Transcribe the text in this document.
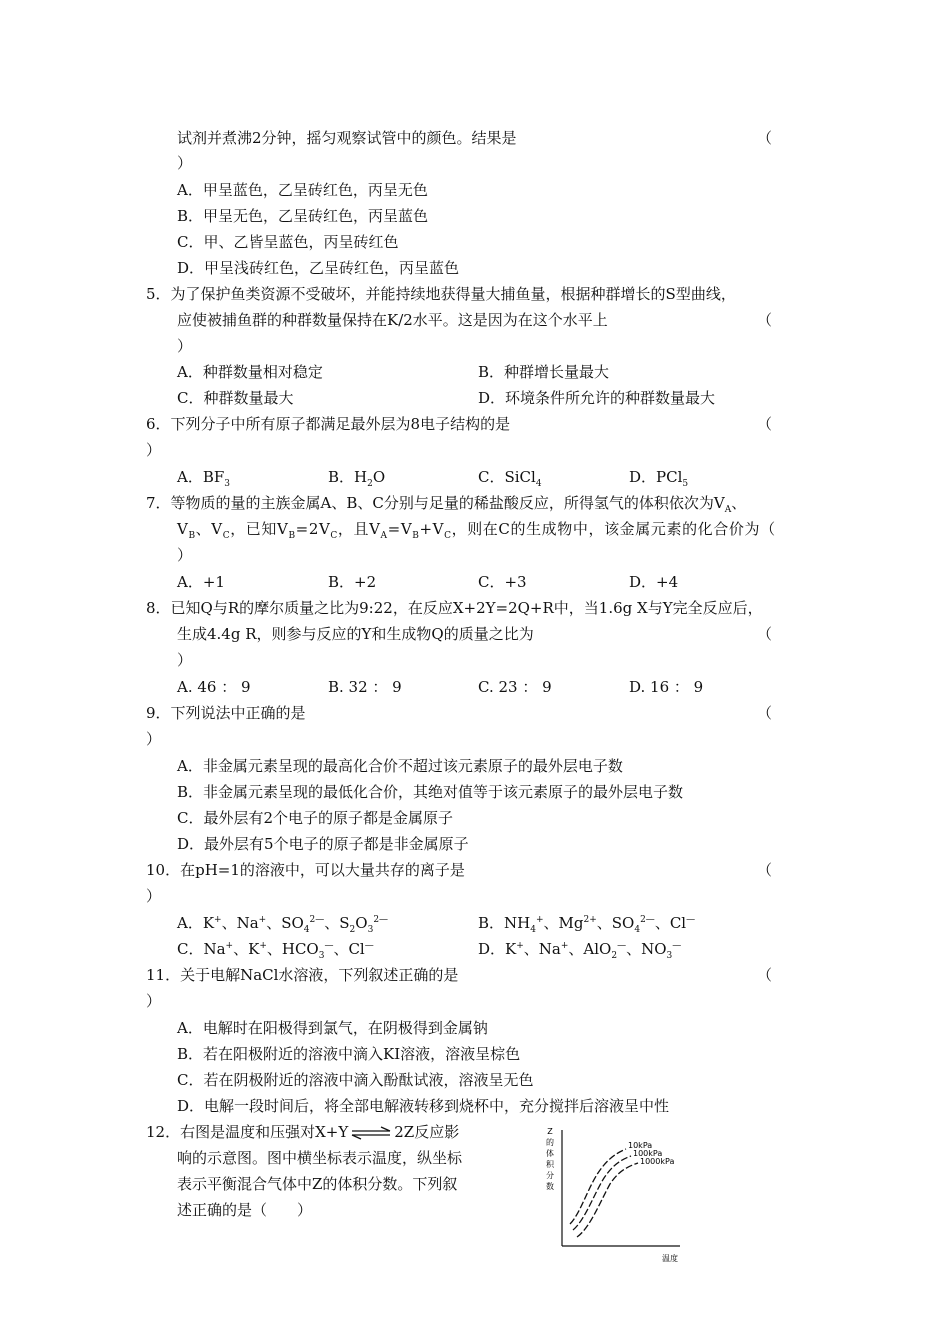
试剂并煮沸2分钟，摇匀观察试管中的颜色。结果是	（
）
A．甲呈蓝色，乙呈砖红色，丙呈无色
B．甲呈无色，乙呈砖红色，丙呈蓝色
C．甲、乙皆呈蓝色，丙呈砖红色
D．甲呈浅砖红色，乙呈砖红色，丙呈蓝色
5．为了保护鱼类资源不受破坏，并能持续地获得量大捕鱼量，根据种群增长的S型曲线，
应使被捕鱼群的种群数量保持在K/2水平。这是因为在这个水平上	（
）
A．种群数量相对稳定	B．种群增长量最大
C．种群数量最大	D．环境条件所允许的种群数量最大
6．下列分子中所有原子都满足最外层为8电子结构的是	（
）
A．$BF_3$	B．$H_2O$	C．SiCl$_4$	D．PCl$_5$
7．等物质的量的主族金属A、B、C分别与足量的稀盐酸反应，所得氢气的体积依次为$V_A$、
$V_B$、$V_C$，已知$V_B=2V_C$，且$V_A=V_B+V_C$，则在C的生成物中，该金属元素的化合价为（
）
A．+1	B．+2	C．+3	D．+4
8．已知Q与R的摩尔质量之比为9:22，在反应X+2Y=2Q+R中，当1.6g X与Y完全反应后，
生成4.4g R，则参与反应的Y和生成物Q的质量之比为	（
）
A. 46 ： 9	B. 32 ： 9	C. 23 ： 9	D. 16 ： 9
9．下列说法中正确的是	（
）
A．非金属元素呈现的最高化合价不超过该元素原子的最外层电子数
B．非金属元素呈现的最低化合价，其绝对值等于该元素原子的最外层电子数
C．最外层有2个电子的原子都是金属原子
D．最外层有5个电子的原子都是非金属原子
10．在pH=1的溶液中，可以大量共存的离子是	（
）
A．K+、Na+、$SO_4^{2—}$、$S_2O_3^{2—}$	B．$NH_4^+$、$Mg^{2+}$、$SO_4^{2—}$、Cl—
C．Na+、K+、$HCO_3^—$、Cl—	D．K+、Na+、AlO$_2$—、$NO_3^—$
11．关于电解NaCl水溶液，下列叙述正确的是	（
）
A．电解时在阳极得到氯气，在阴极得到金属钠
B．若在阳极附近的溶液中滴入KI溶液，溶液呈棕色
C．若在阴极附近的溶液中滴入酚酞试液，溶液呈无色
D．电解一段时间后，将全部电解液转移到烧杯中，充分搅拌后溶液呈中性
12．右图是温度和压强对X+Y⇌2Z反应影
响的示意图。图中横坐标表示温度，纵坐标
表示平衡混合气体中Z的体积分数。下列叙
述正确的是（　　）
Z
的
体
积
分
数
温度
10kPa
100kPa
1000kPa
